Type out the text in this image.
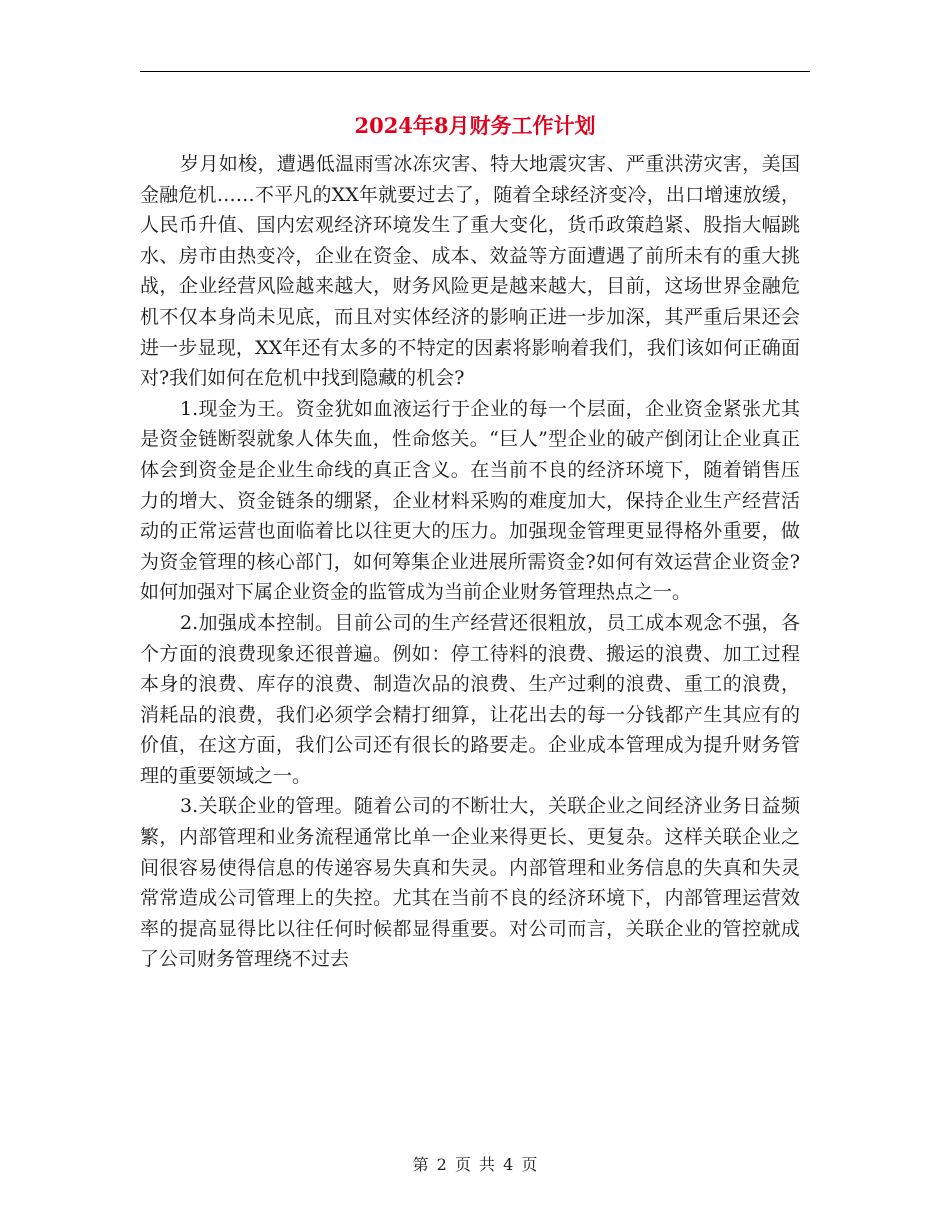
2024年8月财务工作计划

岁月如梭，遭遇低温雨雪冰冻灾害、特大地震灾害、严重洪涝灾害，美国金融危机……不平凡的XX年就要过去了，随着全球经济变冷，出口增速放缓，人民币升值、国内宏观经济环境发生了重大变化，货币政策趋紧、股指大幅跳水、房市由热变冷，企业在资金、成本、效益等方面遭遇了前所未有的重大挑战，企业经营风险越来越大，财务风险更是越来越大，目前，这场世界金融危机不仅本身尚未见底，而且对实体经济的影响正进一步加深，其严重后果还会进一步显现，XX年还有太多的不特定的因素将影响着我们，我们该如何正确面对?我们如何在危机中找到隐藏的机会?

1.现金为王。资金犹如血液运行于企业的每一个层面，企业资金紧张尤其是资金链断裂就象人体失血，性命悠关。“巨人”型企业的破产倒闭让企业真正体会到资金是企业生命线的真正含义。在当前不良的经济环境下，随着销售压力的增大、资金链条的绷紧，企业材料采购的难度加大，保持企业生产经营活动的正常运营也面临着比以往更大的压力。加强现金管理更显得格外重要，做为资金管理的核心部门，如何筹集企业进展所需资金?如何有效运营企业资金?如何加强对下属企业资金的监管成为当前企业财务管理热点之一。

2.加强成本控制。目前公司的生产经营还很粗放，员工成本观念不强，各个方面的浪费现象还很普遍。例如：停工待料的浪费、搬运的浪费、加工过程本身的浪费、库存的浪费、制造次品的浪费、生产过剩的浪费、重工的浪费，消耗品的浪费，我们必须学会精打细算，让花出去的每一分钱都产生其应有的价值，在这方面，我们公司还有很长的路要走。企业成本管理成为提升财务管理的重要领域之一。

3.关联企业的管理。随着公司的不断壮大，关联企业之间经济业务日益频繁，内部管理和业务流程通常比单一企业来得更长、更复杂。这样关联企业之间很容易使得信息的传递容易失真和失灵。内部管理和业务信息的失真和失灵常常造成公司管理上的失控。尤其在当前不良的经济环境下，内部管理运营效率的提高显得比以往任何时候都显得重要。对公司而言，关联企业的管控就成了公司财务管理绕不过去

第 2 页 共 4 页
